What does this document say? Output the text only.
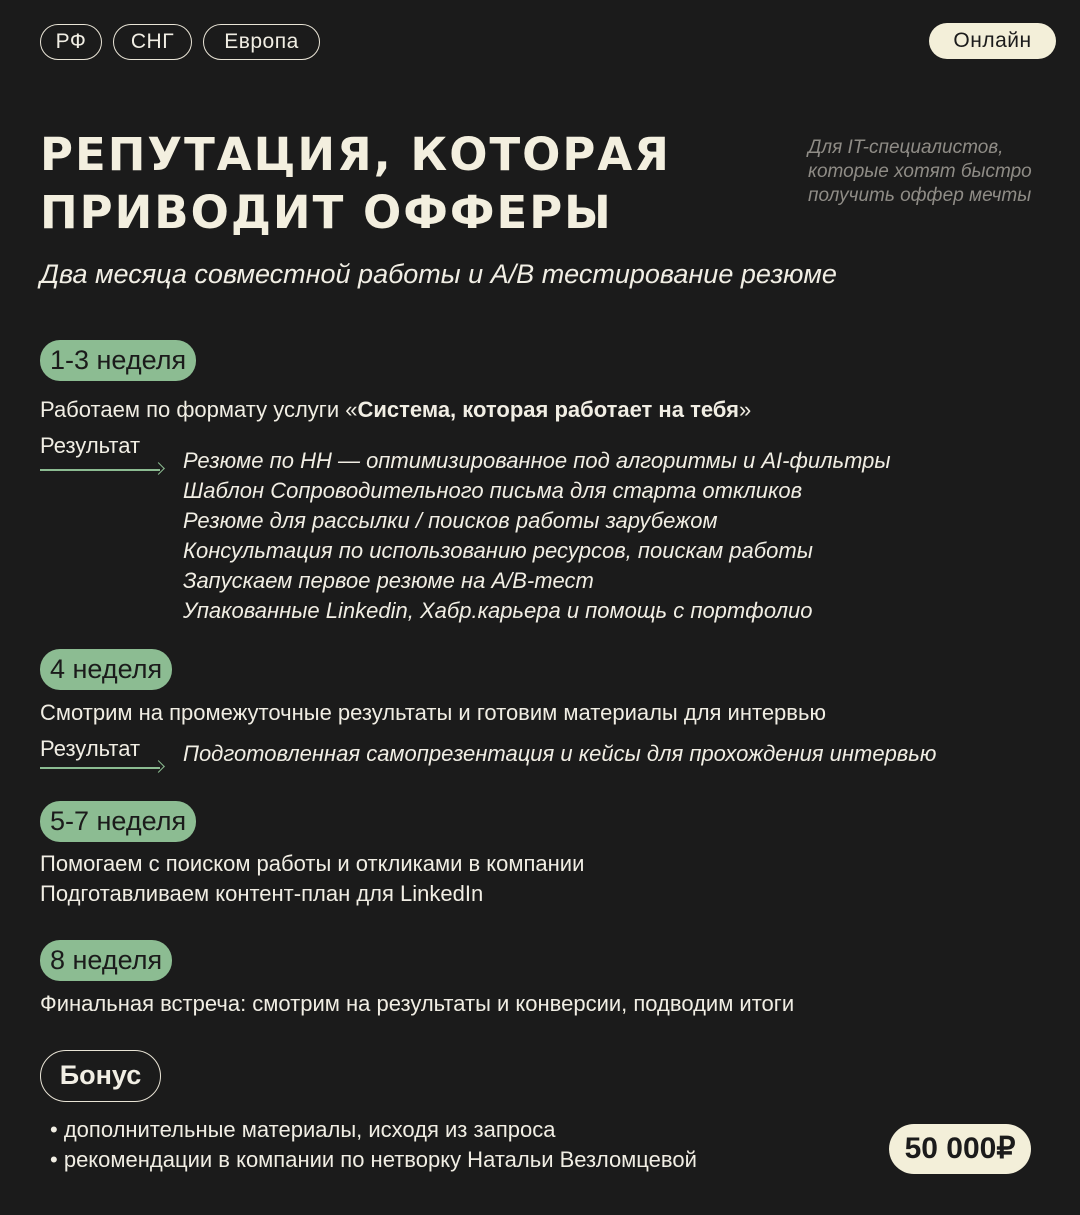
РФ	СНГ	Европа	Онлайн
РЕПУТАЦИЯ, КОТОРАЯ
ПРИВОДИТ ОФФЕРЫ
Для IT-специалистов,
которые хотят быстро
получить оффер мечты
Два месяца совместной работы и А/В тестирование резюме
1-3 неделя
Работаем по формату услуги «Система, которая работает на тебя»
Результат
Резюме по НН — оптимизированное под алгоритмы и AI-фильтры
Шаблон Сопроводительного письма для старта откликов
Резюме для рассылки / поисков работы зарубежом
Консультация по использованию ресурсов, поискам работы
Запускаем первое резюме на А/В-тест
Упакованные Linkedin, Хабр.карьера и помощь с портфолио
4 неделя
Смотрим на промежуточные результаты и готовим материалы для интервью
Результат Подготовленная самопрезентация и кейсы для прохождения интервью
5-7 неделя
Помогаем с поиском работы и откликами в компании
Подготавливаем контент-план для LinkedIn
8 неделя
Финальная встреча: смотрим на результаты и конверсии, подводим итоги
Бонус
• дополнительные материалы, исходя из запроса
• рекомендации в компании по нетворку Натальи Везломцевой	50 000₽
